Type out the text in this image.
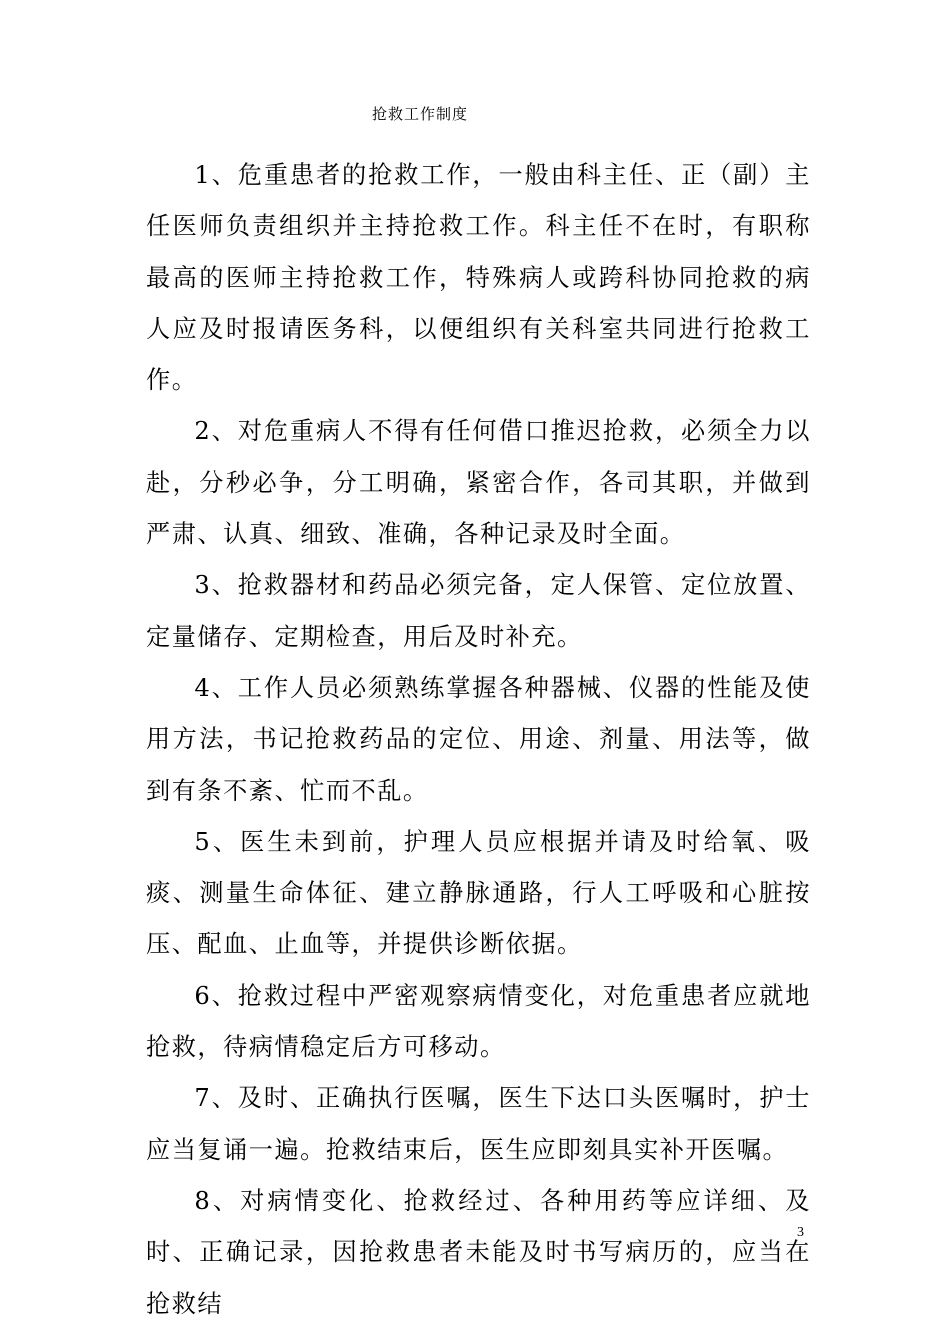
抢救工作制度

1、危重患者的抢救工作，一般由科主任、正（副）主任医师负责组织并主持抢救工作。科主任不在时，有职称最高的医师主持抢救工作，特殊病人或跨科协同抢救的病人应及时报请医务科，以便组织有关科室共同进行抢救工作。

2、对危重病人不得有任何借口推迟抢救，必须全力以赴，分秒必争，分工明确，紧密合作，各司其职，并做到严肃、认真、细致、准确，各种记录及时全面。

3、抢救器材和药品必须完备，定人保管、定位放置、定量储存、定期检查，用后及时补充。

4、工作人员必须熟练掌握各种器械、仪器的性能及使用方法，书记抢救药品的定位、用途、剂量、用法等，做到有条不紊、忙而不乱。

5、医生未到前，护理人员应根据并请及时给氧、吸痰、测量生命体征、建立静脉通路，行人工呼吸和心脏按压、配血、止血等，并提供诊断依据。

6、抢救过程中严密观察病情变化，对危重患者应就地抢救，待病情稳定后方可移动。

7、及时、正确执行医嘱，医生下达口头医嘱时，护士应当复诵一遍。抢救结束后，医生应即刻具实补开医嘱。

8、对病情变化、抢救经过、各种用药等应详细、及时、正确记录，因抢救患者未能及时书写病历的，应当在抢救结

3
